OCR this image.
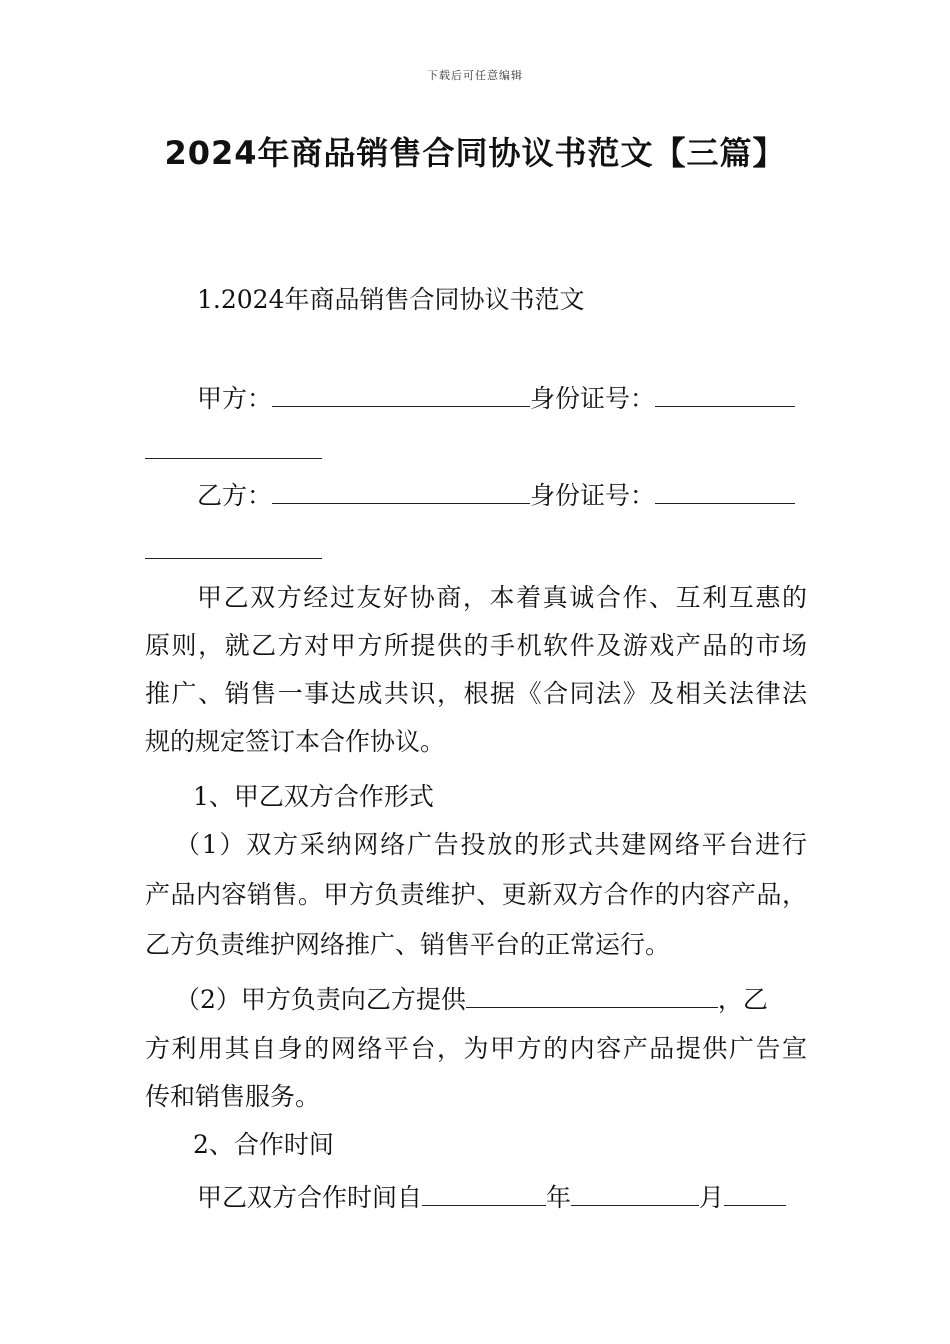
下载后可任意编辑
2024年商品销售合同协议书范文【三篇】
1.2024年商品销售合同协议书范文
甲方：	身份证号：
乙方：	身份证号：
甲乙双方经过友好协商，本着真诚合作、互利互惠的
原则，就乙方对甲方所提供的手机软件及游戏产品的市场
推广、销售一事达成共识，根据《合同法》及相关法律法
规的规定签订本合作协议。
1、甲乙双方合作形式
（1）双方采纳网络广告投放的形式共建网络平台进行
产品内容销售。甲方负责维护、更新双方合作的内容产品，
乙方负责维护网络推广、销售平台的正常运行。
（2）甲方负责向乙方提供	，乙
方利用其自身的网络平台，为甲方的内容产品提供广告宣
传和销售服务。
2、合作时间
甲乙双方合作时间自	年	月
